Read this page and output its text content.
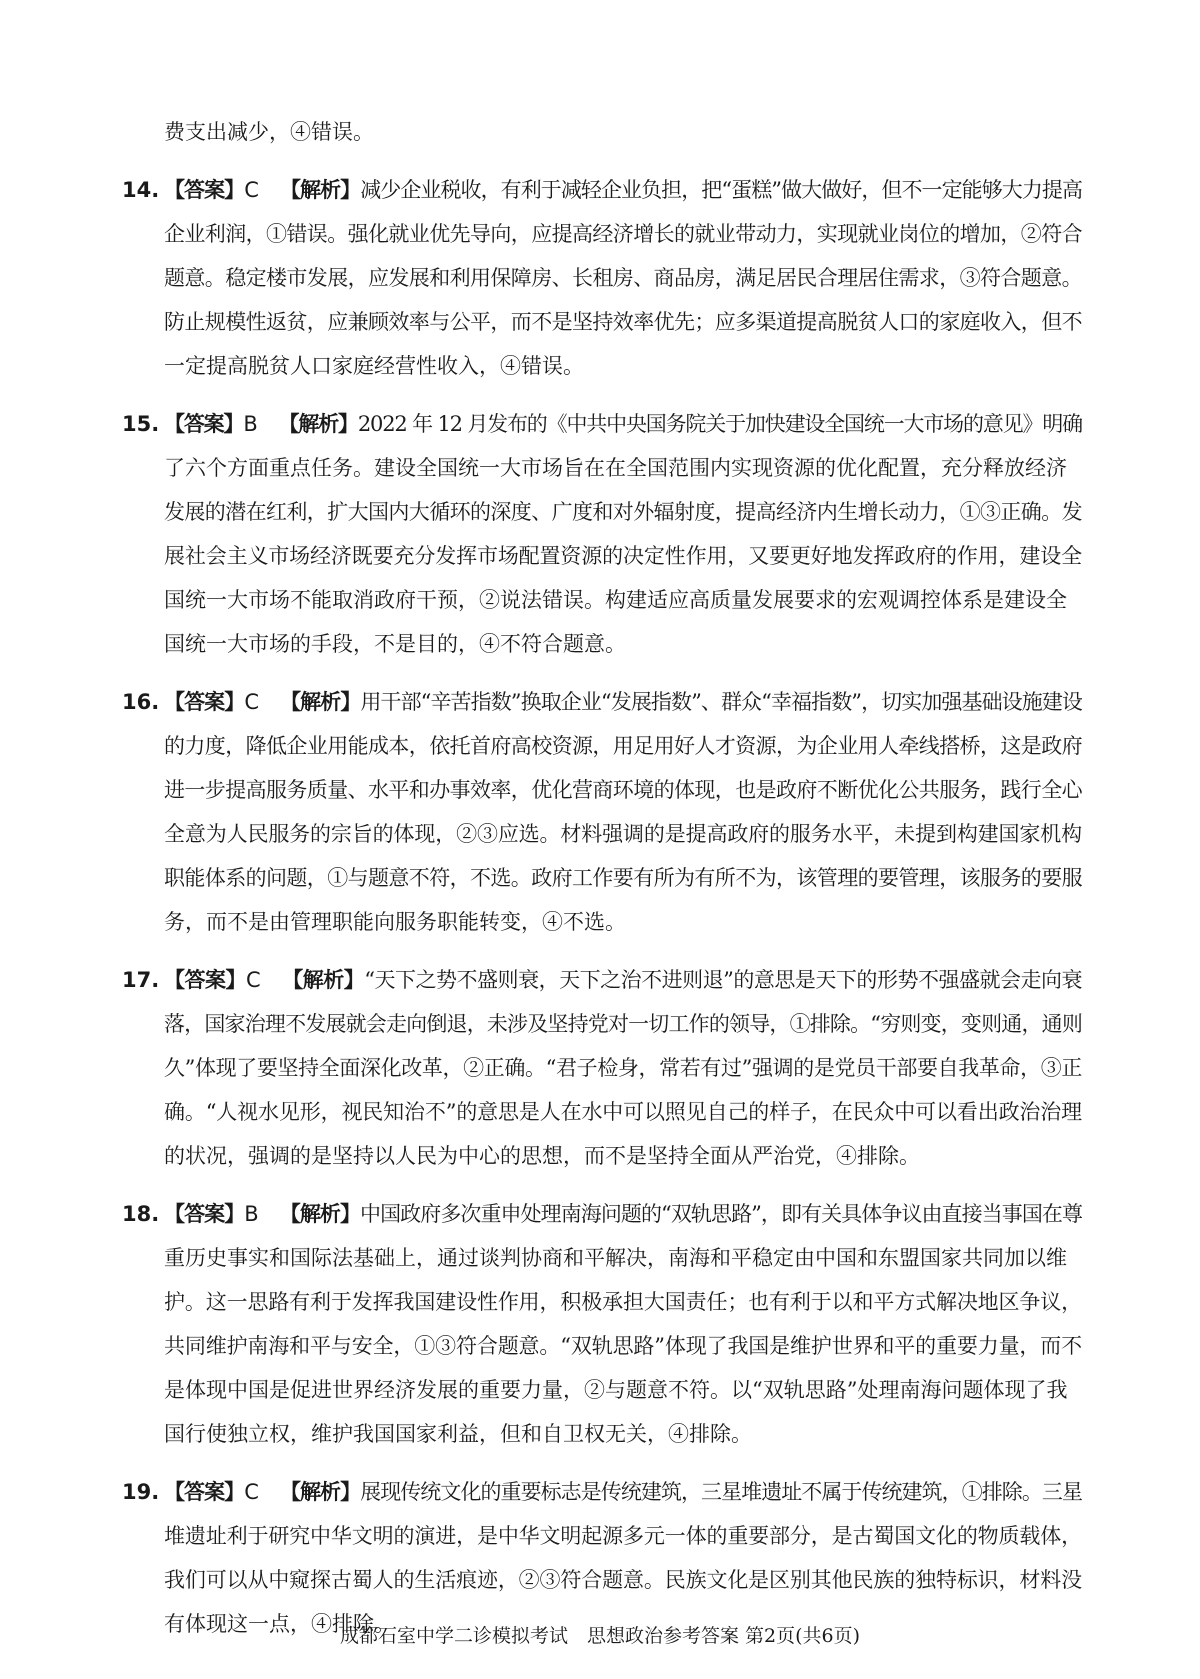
费支出减少，④错误。
14. 【答案】C 【解析】减少企业税收，有利于减轻企业负担，把“蛋糕”做大做好，但不一定能够大力提高
企业利润，①错误。强化就业优先导向，应提高经济增长的就业带动力，实现就业岗位的增加，②符合
题意。稳定楼市发展，应发展和利用保障房、长租房、商品房，满足居民合理居住需求，③符合题意。
防止规模性返贫，应兼顾效率与公平，而不是坚持效率优先；应多渠道提高脱贫人口的家庭收入，但不
一定提高脱贫人口家庭经营性收入，④错误。
15. 【答案】B 【解析】2022 年 12 月发布的《中共中央国务院关于加快建设全国统一大市场的意见》明确
了六个方面重点任务。建设全国统一大市场旨在在全国范围内实现资源的优化配置，充分释放经济
发展的潜在红利，扩大国内大循环的深度、广度和对外辐射度，提高经济内生增长动力，①③正确。发
展社会主义市场经济既要充分发挥市场配置资源的决定性作用，又要更好地发挥政府的作用，建设全
国统一大市场不能取消政府干预，②说法错误。构建适应高质量发展要求的宏观调控体系是建设全
国统一大市场的手段，不是目的，④不符合题意。
16. 【答案】C 【解析】用干部“辛苦指数”换取企业“发展指数”、群众“幸福指数”，切实加强基础设施建设
的力度，降低企业用能成本，依托首府高校资源，用足用好人才资源，为企业用人牵线搭桥，这是政府
进一步提高服务质量、水平和办事效率，优化营商环境的体现，也是政府不断优化公共服务，践行全心
全意为人民服务的宗旨的体现，②③应选。材料强调的是提高政府的服务水平，未提到构建国家机构
职能体系的问题，①与题意不符，不选。政府工作要有所为有所不为，该管理的要管理，该服务的要服
务，而不是由管理职能向服务职能转变，④不选。
17. 【答案】C 【解析】“天下之势不盛则衰，天下之治不进则退”的意思是天下的形势不强盛就会走向衰
落，国家治理不发展就会走向倒退，未涉及坚持党对一切工作的领导，①排除。“穷则变，变则通，通则
久”体现了要坚持全面深化改革，②正确。“君子检身，常若有过”强调的是党员干部要自我革命，③正
确。“人视水见形，视民知治不”的意思是人在水中可以照见自己的样子，在民众中可以看出政治治理
的状况，强调的是坚持以人民为中心的思想，而不是坚持全面从严治党，④排除。
18. 【答案】B 【解析】中国政府多次重申处理南海问题的“双轨思路”，即有关具体争议由直接当事国在尊
重历史事实和国际法基础上，通过谈判协商和平解决，南海和平稳定由中国和东盟国家共同加以维
护。这一思路有利于发挥我国建设性作用，积极承担大国责任；也有利于以和平方式解决地区争议，
共同维护南海和平与安全，①③符合题意。“双轨思路”体现了我国是维护世界和平的重要力量，而不
是体现中国是促进世界经济发展的重要力量，②与题意不符。以“双轨思路”处理南海问题体现了我
国行使独立权，维护我国国家利益，但和自卫权无关，④排除。
19. 【答案】C 【解析】展现传统文化的重要标志是传统建筑，三星堆遗址不属于传统建筑，①排除。三星
堆遗址利于研究中华文明的演进，是中华文明起源多元一体的重要部分，是古蜀国文化的物质载体，
我们可以从中窥探古蜀人的生活痕迹，②③符合题意。民族文化是区别其他民族的独特标识，材料没
有体现这一点，④排除。
成都石室中学二诊模拟考试　思想政治参考答案 第2页(共6页)
